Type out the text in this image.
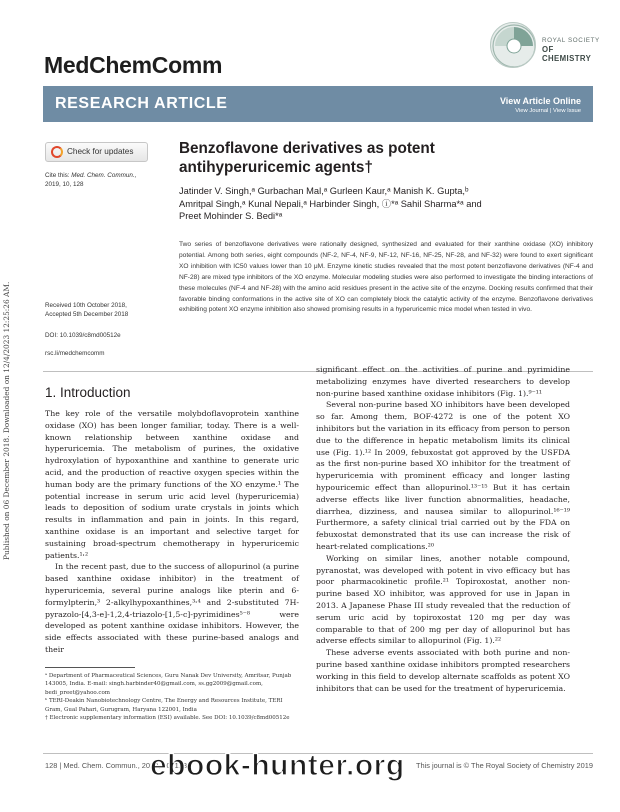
Published on 06 December 2018. Downloaded on 12/4/2023 12:25:26 AM.
MedChemComm
ROYAL SOCIETY
OF CHEMISTRY
RESEARCH ARTICLE	View Article Online
View Journal | View Issue
Check for updates
Cite this: Med. Chem. Commun.,
2019, 10, 128
Benzoflavone derivatives as potent antihyperuricemic agents†
Jatinder V. Singh,ᵃ Gurbachan Mal,ᵃ Gurleen Kaur,ᵃ Manish K. Gupta,ᵇ Amritpal Singh,ᵃ Kunal Nepali,ᵃ Harbinder Singh, ⓘ*ᵃ Sahil Sharma*ᵃ and Preet Mohinder S. Bedi*ᵃ
Two series of benzoflavone derivatives were rationally designed, synthesized and evaluated for their xanthine oxidase (XO) inhibitory potential. Among both series, eight compounds (NF-2, NF-4, NF-9, NF-12, NF-16, NF-25, NF-28, and NF-32) were found to exert significant XO inhibition with IC50 values lower than 10 μM. Enzyme kinetic studies revealed that the most potent benzoflavone derivatives (NF-4 and NF-28) are mixed type inhibitors of the XO enzyme. Molecular modeling studies were also performed to investigate the binding interactions of these molecules (NF-4 and NF-28) with the amino acid residues present in the active site of the enzyme. Docking results confirmed that their favorable binding conformations in the active site of XO can completely block the catalytic activity of the enzyme. Benzoflavone derivatives exhibiting potent XO enzyme inhibition also showed promising results in a hyperuricemic mice model when tested in vivo.
Received 10th October 2018,
Accepted 5th December 2018
DOI: 10.1039/c8md00512e
rsc.li/medchemcomm
1. Introduction

The key role of the versatile molybdoflavoprotein xanthine oxidase (XO) has been longer familiar, today. There is a well-known relationship between xanthine oxidase and hyperuricemia. The metabolism of purines, the oxidative hydroxylation of hypoxanthine and xanthine to generate uric acid, and the production of reactive oxygen species within the human body are the primary functions of the XO enzyme.¹ The potential increase in serum uric acid level (hyperuricemia) leads to deposition of sodium urate crystals in joints which results in inflammation and pain in joints. In this regard, xanthine oxidase is an important and selective target for sustaining broad-spectrum chemotherapy in hyperuricemic patients.¹˒²

In the recent past, due to the success of allopurinol (a purine based xanthine oxidase inhibitor) in the treatment of hyperuricemia, several purine analogs like pterin and 6-formylpterin,³ 2-alkylhypoxanthines,³˒⁴ and 2-substituted 7H-pyrazolo-[4,3-e]-1,2,4-triazolo-[1,5-c]-pyrimidines⁵⁻⁸ were developed as potent xanthine oxidase inhibitors. However, the side effects associated with these purine-based analogs and their

significant effect on the activities of purine and pyrimidine metabolizing enzymes have diverted researchers to develop non-purine based xanthine oxidase inhibitors (Fig. 1).⁹⁻¹¹

Several non-purine based XO inhibitors have been developed so far. Among them, BOF-4272 is one of the potent XO inhibitors but the variation in its efficacy from person to person due to the difference in hepatic metabolism limits its clinical use (Fig. 1).¹² In 2009, febuxostat got approved by the USFDA as the first non-purine based XO inhibitor for the treatment of hyperuricemia with prominent efficacy and longer lasting hypouricemic effect than allopurinol.¹³⁻¹⁵ But it has certain adverse effects like liver function abnormalities, headache, diarrhea, dizziness, and nausea similar to allopurinol.¹⁶⁻¹⁹ Furthermore, a safety clinical trial carried out by the FDA on febuxostat demonstrated that its use can increase the risk of heart-related complications.²⁰

Working on similar lines, another notable compound, pyranostat, was developed with potent in vivo efficacy but has poor pharmacokinetic profile.²¹ Topiroxostat, another non-purine based XO inhibitor, was approved for use in Japan in 2013. A Japanese Phase III study revealed that the reduction of serum uric acid by topiroxostat 120 mg per day was comparable to that of 200 mg per day of allopurinol but has adverse effects similar to allopurinol (Fig. 1).²²

These adverse events associated with both purine and non-purine based xanthine oxidase inhibitors prompted researchers working in this field to develop alternate scaffolds as potent XO inhibitors that can be used for the treatment of hyperuricemia.

ᵃ Department of Pharmaceutical Sciences, Guru Nanak Dev University, Amritsar, Punjab 143005, India. E-mail: singh.harbinder40@gmail.com, ss.gg2009@gmail.com, bedi_preet@yahoo.com
ᵇ TERI-Deakin Nanobiotechnology Centre, The Energy and Resources Institute, TERI Gram, Gual Pahari, Gurugram, Haryana 122001, India
† Electronic supplementary information (ESI) available. See DOI: 10.1039/c8md00512e
128 | Med. Chem. Commun., 2019, 10, 128	This journal is © The Royal Society of Chemistry 2019
ebook-hunter.org
